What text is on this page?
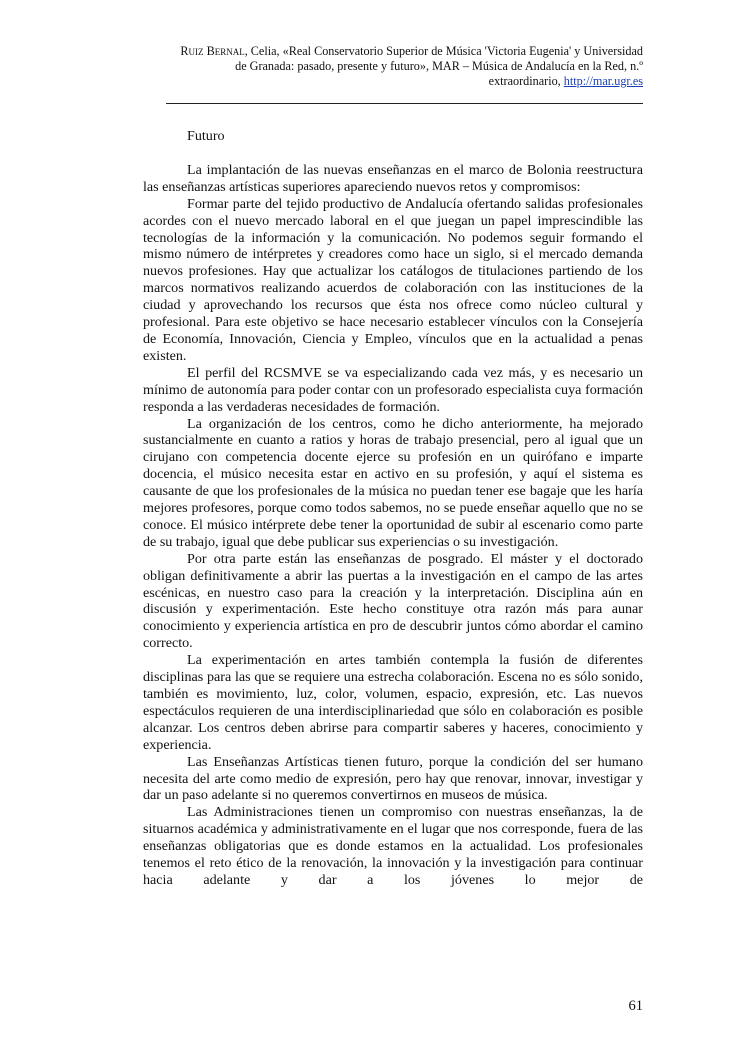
Ruiz Bernal, Celia, «Real Conservatorio Superior de Música 'Victoria Eugenia' y Universidad
de Granada: pasado, presente y futuro», MAR – Música de Andalucía en la Red, n.º
extraordinario, http://mar.ugr.es
Futuro

La implantación de las nuevas enseñanzas en el marco de Bolonia reestructura las enseñanzas artísticas superiores apareciendo nuevos retos y compromisos:

Formar parte del tejido productivo de Andalucía ofertando salidas profesionales acordes con el nuevo mercado laboral en el que juegan un papel imprescindible las tecnologías de la información y la comunicación. No podemos seguir formando el mismo número de intérpretes y creadores como hace un siglo, si el mercado demanda nuevos profesiones. Hay que actualizar los catálogos de titulaciones partiendo de los marcos normativos realizando acuerdos de colaboración con las instituciones de la ciudad y aprovechando los recursos que ésta nos ofrece como núcleo cultural y profesional. Para este objetivo se hace necesario establecer vínculos con la Consejería de Economía, Innovación, Ciencia y Empleo, vínculos que en la actualidad a penas existen.

El perfil del RCSMVE se va especializando cada vez más, y es necesario un mínimo de autonomía para poder contar con un profesorado especialista cuya formación responda a las verdaderas necesidades de formación.

La organización de los centros, como he dicho anteriormente, ha mejorado sustancialmente en cuanto a ratios y horas de trabajo presencial, pero al igual que un cirujano con competencia docente ejerce su profesión en un quirófano e imparte docencia, el músico necesita estar en activo en su profesión, y aquí el sistema es causante de que los profesionales de la música no puedan tener ese bagaje que les haría mejores profesores, porque como todos sabemos, no se puede enseñar aquello que no se conoce. El músico intérprete debe tener la oportunidad de subir al escenario como parte de su trabajo, igual que debe publicar sus experiencias o su investigación.

Por otra parte están las enseñanzas de posgrado. El máster y el doctorado obligan definitivamente a abrir las puertas a la investigación en el campo de las artes escénicas, en nuestro caso para la creación y la interpretación. Disciplina aún en discusión y experimentación. Este hecho constituye otra razón más para aunar conocimiento y experiencia artística en pro de descubrir juntos cómo abordar el camino correcto.

La experimentación en artes también contempla la fusión de diferentes disciplinas para las que se requiere una estrecha colaboración. Escena no es sólo sonido, también es movimiento, luz, color, volumen, espacio, expresión, etc. Las nuevos espectáculos requieren de una interdisciplinariedad que sólo en colaboración es posible alcanzar. Los centros deben abrirse para compartir saberes y haceres, conocimiento y experiencia.

Las Enseñanzas Artísticas tienen futuro, porque la condición del ser humano necesita del arte como medio de expresión, pero hay que renovar, innovar, investigar y dar un paso adelante si no queremos convertirnos en museos de música.

Las Administraciones tienen un compromiso con nuestras enseñanzas, la de situarnos académica y administrativamente en el lugar que nos corresponde, fuera de las enseñanzas obligatorias que es donde estamos en la actualidad. Los profesionales tenemos el reto ético de la renovación, la innovación y la investigación para continuar hacia adelante y dar a los jóvenes lo mejor de

61
